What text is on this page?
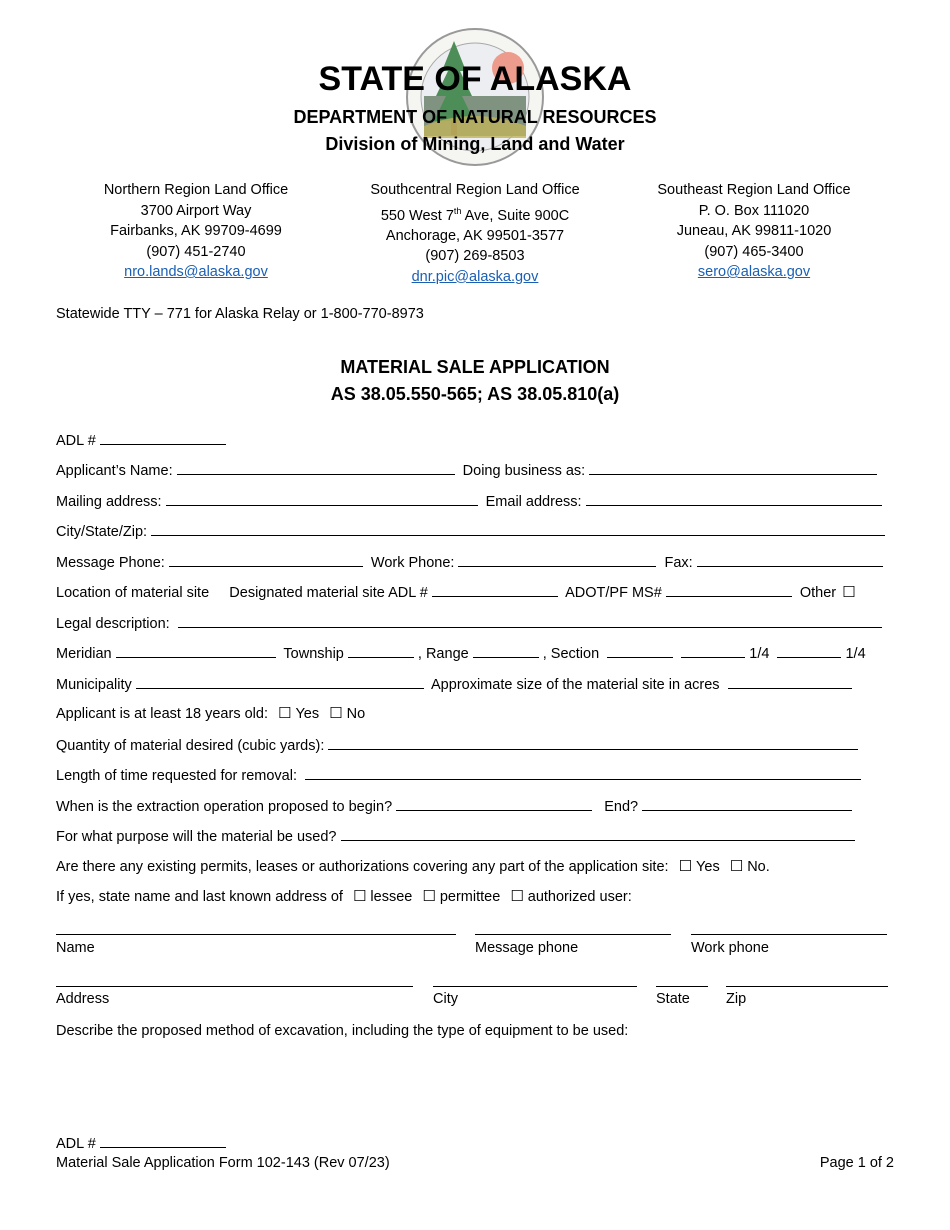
STATE OF ALASKA
DEPARTMENT OF NATURAL RESOURCES
Division of Mining, Land and Water
Northern Region Land Office
3700 Airport Way
Fairbanks, AK 99709-4699
(907) 451-2740
nro.lands@alaska.gov
Southcentral Region Land Office
550 West 7th Ave, Suite 900C
Anchorage, AK 99501-3577
(907) 269-8503
dnr.pic@alaska.gov
Southeast Region Land Office
P. O. Box 111020
Juneau, AK 99811-1020
(907) 465-3400
sero@alaska.gov
Statewide TTY – 771 for Alaska Relay or 1-800-770-8973
MATERIAL SALE APPLICATION
AS 38.05.550-565; AS 38.05.810(a)
ADL #
Applicant’s Name:	Doing business as:
Mailing address:	Email address:
City/State/Zip:
Message Phone:	Work Phone:	Fax:
Location of material site Designated material site ADL #	ADOT/PF MS#	Other ☐
Legal description:
Meridian	Township	, Range	, Section	1/4	1/4
Municipality	Approximate size of the material site in acres
Applicant is at least 18 years old: ☐ Yes ☐ No
Quantity of material desired (cubic yards):
Length of time requested for removal:
When is the extraction operation proposed to begin?	End?
For what purpose will the material be used?
Are there any existing permits, leases or authorizations covering any part of the application site: ☐ Yes ☐ No.
If yes, state name and last known address of ☐ lessee ☐ permittee ☐ authorized user:
Name	Message phone	Work phone
Address	City	State Zip
Describe the proposed method of excavation, including the type of equipment to be used:
ADL #
Material Sale Application Form 102-143 (Rev 07/23)	Page 1 of 2
